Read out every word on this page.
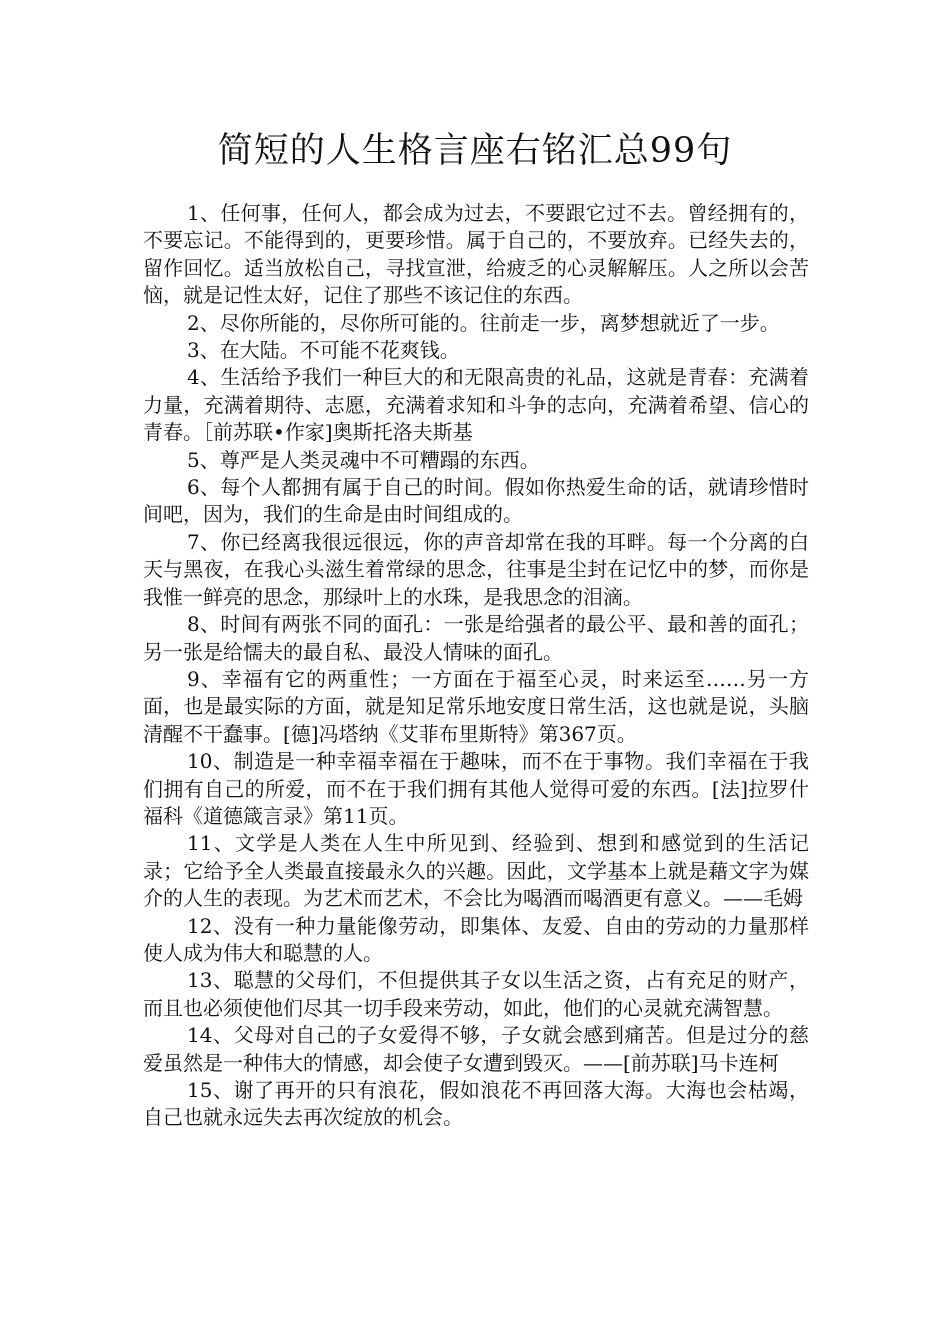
简短的人生格言座右铭汇总99句

1、任何事，任何人，都会成为过去，不要跟它过不去。曾经拥有的，不要忘记。不能得到的，更要珍惜。属于自己的，不要放弃。已经失去的，留作回忆。适当放松自己，寻找宣泄，给疲乏的心灵解解压。人之所以会苦恼，就是记性太好，记住了那些不该记住的东西。

2、尽你所能的，尽你所可能的。往前走一步，离梦想就近了一步。

3、在大陆。不可能不花爽钱。

4、生活给予我们一种巨大的和无限高贵的礼品，这就是青春：充满着力量，充满着期待、志愿，充满着求知和斗争的志向，充满着希望、信心的青春。［前苏联•作家]奥斯托洛夫斯基

5、尊严是人类灵魂中不可糟蹋的东西。

6、每个人都拥有属于自己的时间。假如你热爱生命的话，就请珍惜时间吧，因为，我们的生命是由时间组成的。

7、你已经离我很远很远，你的声音却常在我的耳畔。每一个分离的白天与黑夜，在我心头滋生着常绿的思念，往事是尘封在记忆中的梦，而你是我惟一鲜亮的思念，那绿叶上的水珠，是我思念的泪滴。

8、时间有两张不同的面孔：一张是给强者的最公平、最和善的面孔；另一张是给懦夫的最自私、最没人情味的面孔。

9、幸福有它的两重性；一方面在于福至心灵，时来运至……另一方面，也是最实际的方面，就是知足常乐地安度日常生活，这也就是说，头脑清醒不干蠢事。[德]冯塔纳《艾菲布里斯特》第367页。

10、制造是一种幸福幸福在于趣味，而不在于事物。我们幸福在于我们拥有自己的所爱，而不在于我们拥有其他人觉得可爱的东西。[法]拉罗什福科《道德箴言录》第11页。

11、文学是人类在人生中所见到、经验到、想到和感觉到的生活记录；它给予全人类最直接最永久的兴趣。因此，文学基本上就是藉文字为媒介的人生的表现。为艺术而艺术，不会比为喝酒而喝酒更有意义。——毛姆

12、没有一种力量能像劳动，即集体、友爱、自由的劳动的力量那样使人成为伟大和聪慧的人。

13、聪慧的父母们，不但提供其子女以生活之资，占有充足的财产，而且也必须使他们尽其一切手段来劳动，如此，他们的心灵就充满智慧。

14、父母对自己的子女爱得不够，子女就会感到痛苦。但是过分的慈爱虽然是一种伟大的情感，却会使子女遭到毁灭。——[前苏联]马卡连柯

15、谢了再开的只有浪花，假如浪花不再回落大海。大海也会枯竭，自己也就永远失去再次绽放的机会。
